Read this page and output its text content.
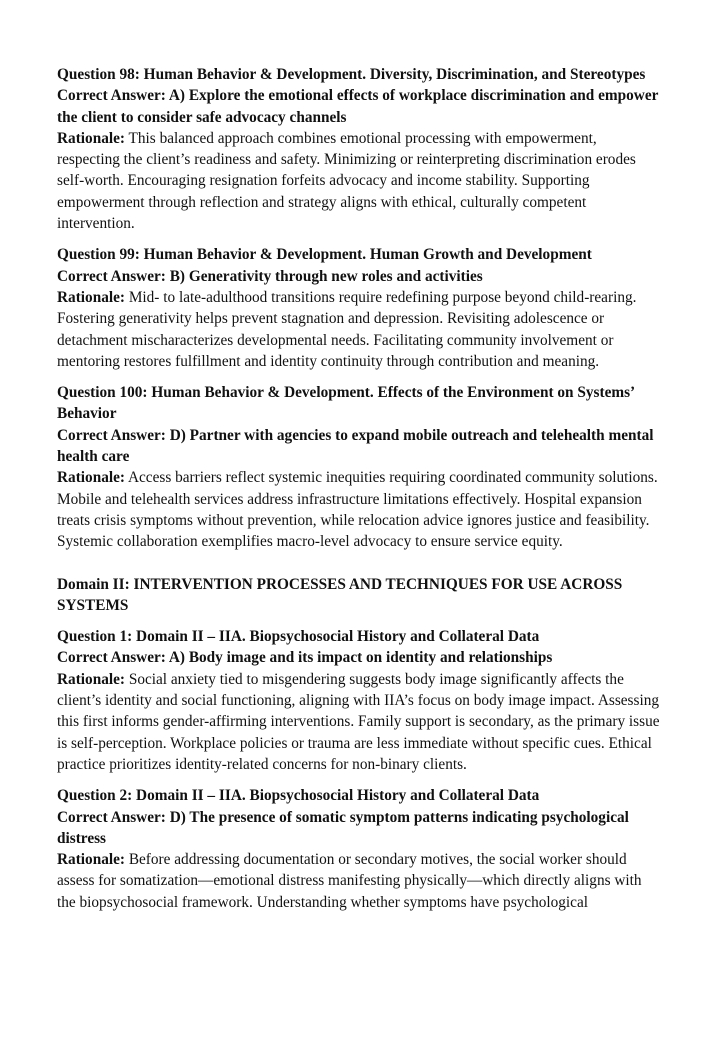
Question 98: Human Behavior & Development. Diversity, Discrimination, and Stereotypes

Correct Answer: A) Explore the emotional effects of workplace discrimination and empower the client to consider safe advocacy channels

Rationale: This balanced approach combines emotional processing with empowerment, respecting the client’s readiness and safety. Minimizing or reinterpreting discrimination erodes self-worth. Encouraging resignation forfeits advocacy and income stability. Supporting empowerment through reflection and strategy aligns with ethical, culturally competent intervention.

Question 99: Human Behavior & Development. Human Growth and Development

Correct Answer: B) Generativity through new roles and activities

Rationale: Mid- to late-adulthood transitions require redefining purpose beyond child-rearing. Fostering generativity helps prevent stagnation and depression. Revisiting adolescence or detachment mischaracterizes developmental needs. Facilitating community involvement or mentoring restores fulfillment and identity continuity through contribution and meaning.

Question 100: Human Behavior & Development. Effects of the Environment on Systems’ Behavior

Correct Answer: D) Partner with agencies to expand mobile outreach and telehealth mental health care

Rationale: Access barriers reflect systemic inequities requiring coordinated community solutions. Mobile and telehealth services address infrastructure limitations effectively. Hospital expansion treats crisis symptoms without prevention, while relocation advice ignores justice and feasibility. Systemic collaboration exemplifies macro-level advocacy to ensure service equity.

Domain II: INTERVENTION PROCESSES AND TECHNIQUES FOR USE ACROSS SYSTEMS

Question 1: Domain II – IIA. Biopsychosocial History and Collateral Data

Correct Answer: A) Body image and its impact on identity and relationships

Rationale: Social anxiety tied to misgendering suggests body image significantly affects the client’s identity and social functioning, aligning with IIA’s focus on body image impact. Assessing this first informs gender-affirming interventions. Family support is secondary, as the primary issue is self-perception. Workplace policies or trauma are less immediate without specific cues. Ethical practice prioritizes identity-related concerns for non-binary clients.

Question 2: Domain II – IIA. Biopsychosocial History and Collateral Data

Correct Answer: D) The presence of somatic symptom patterns indicating psychological distress

Rationale: Before addressing documentation or secondary motives, the social worker should assess for somatization—emotional distress manifesting physically—which directly aligns with the biopsychosocial framework. Understanding whether symptoms have psychological
